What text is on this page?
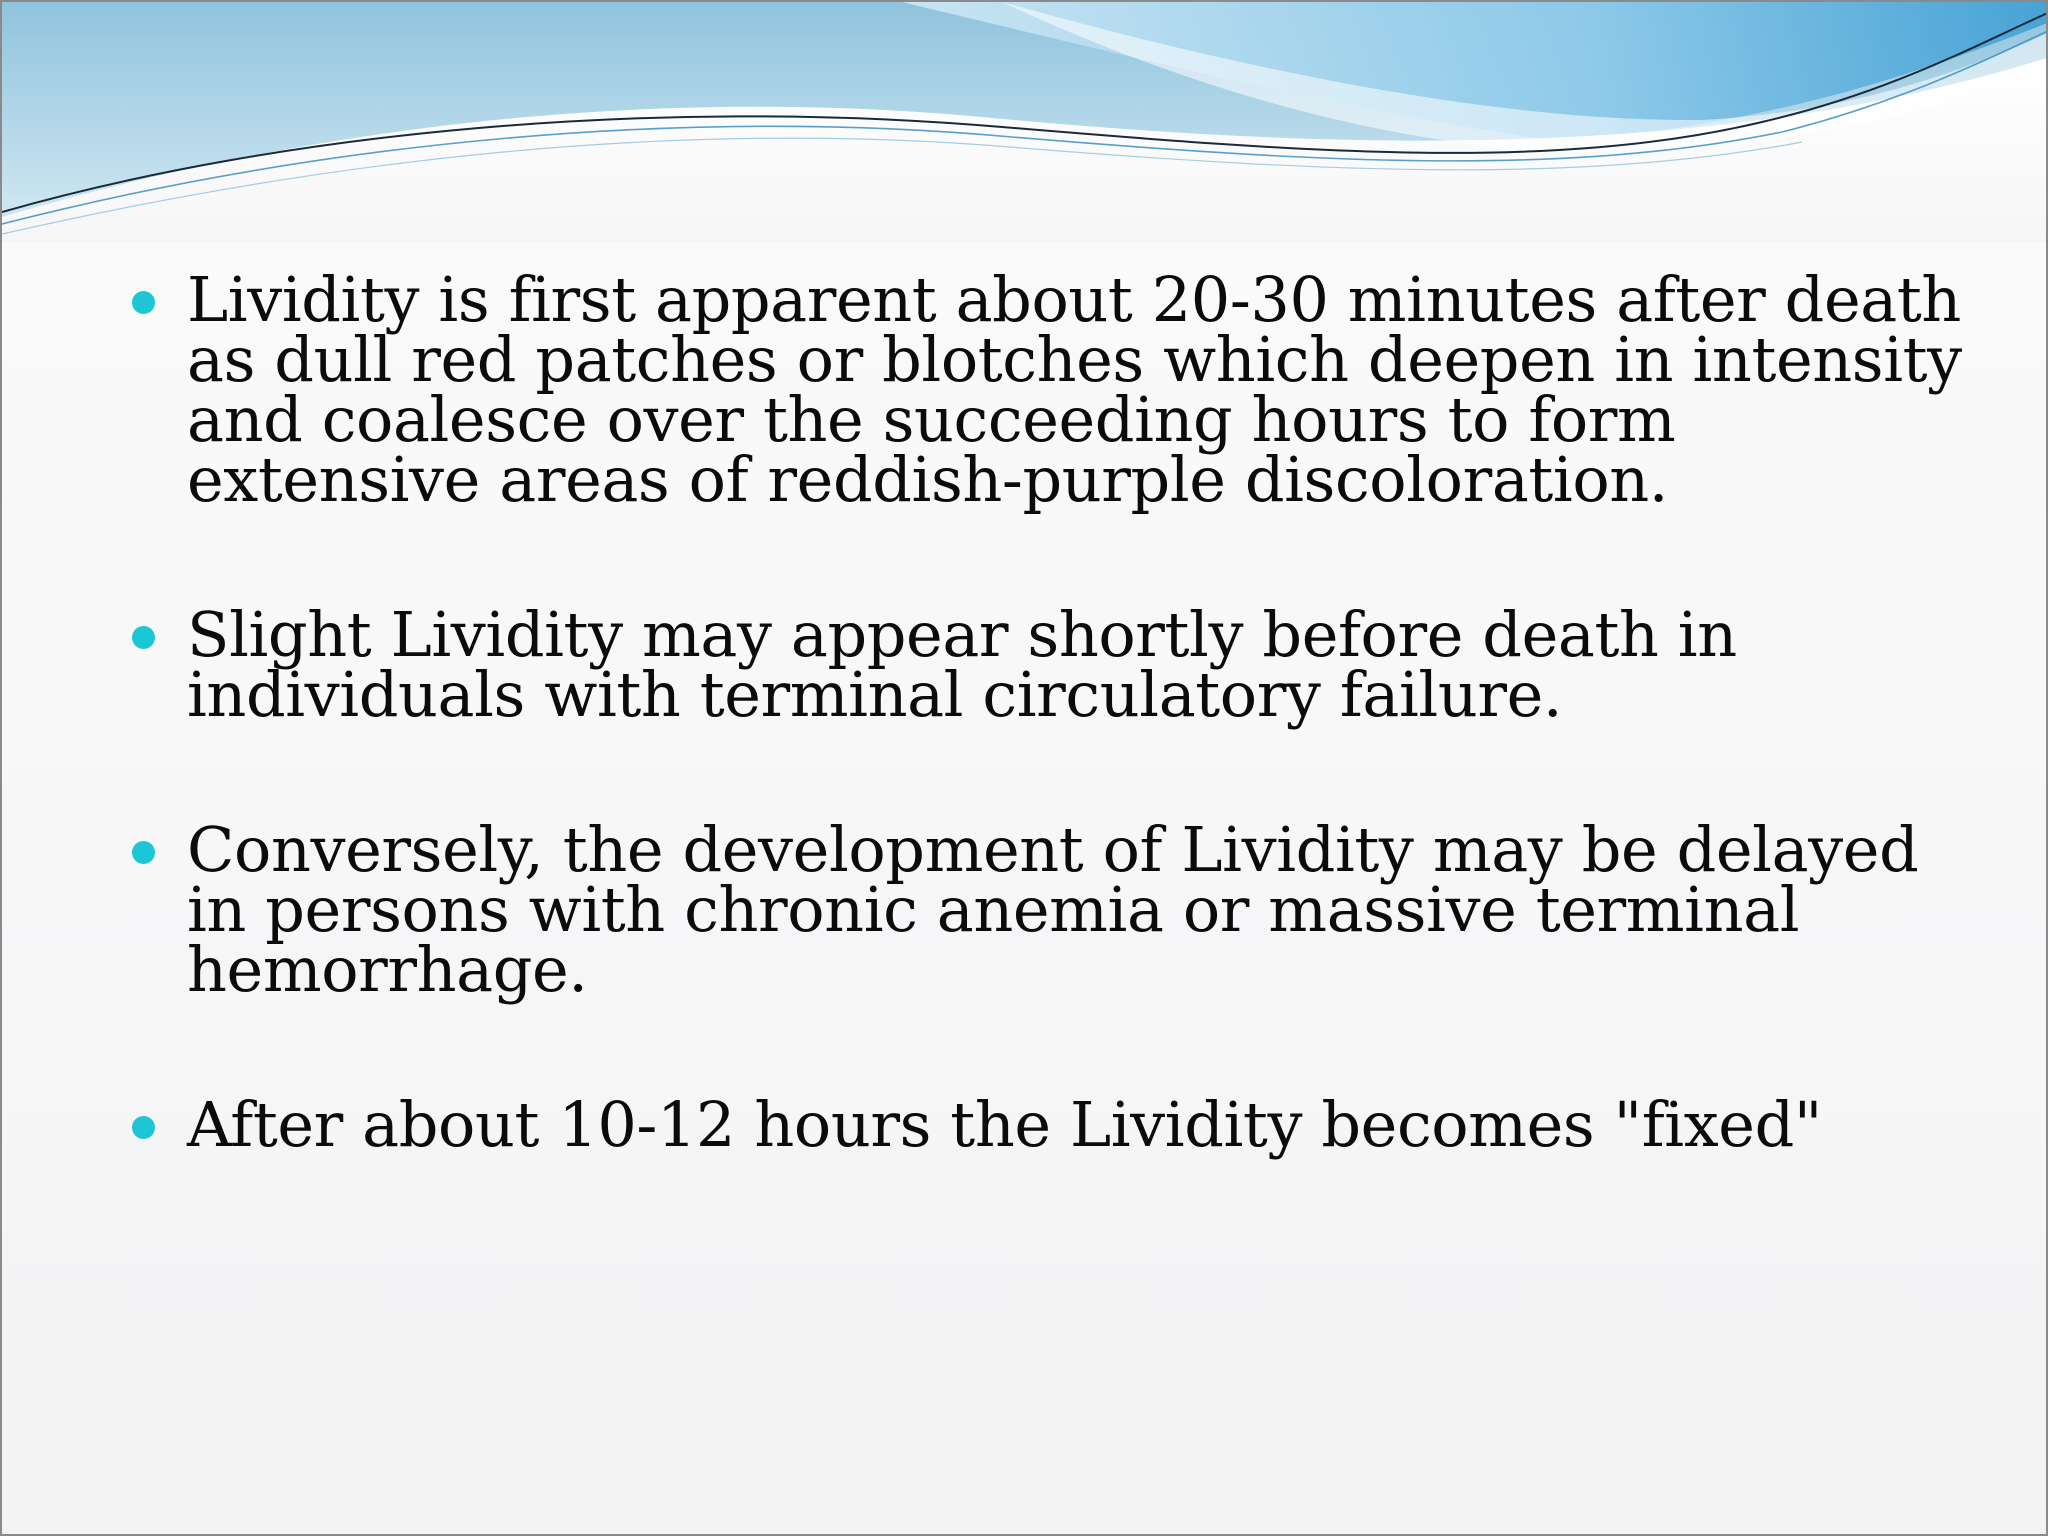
Lividity is first apparent about 20-30 minutes after death as dull red patches or blotches which deepen in intensity and coalesce over the succeeding hours to form extensive areas of reddish-purple discoloration.
Slight Lividity may appear shortly before death in individuals with terminal circulatory failure.
Conversely, the development of Lividity may be delayed in persons with chronic anemia or massive terminal hemorrhage.
After about 10-12 hours the Lividity becomes "fixed"
